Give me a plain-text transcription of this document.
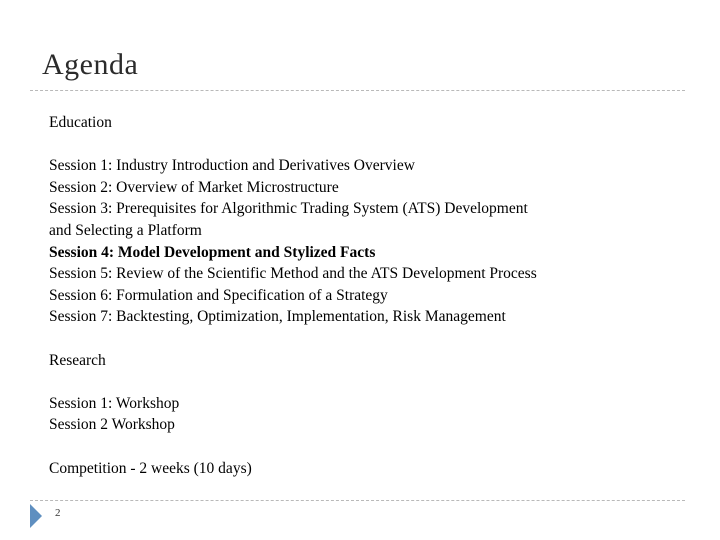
Agenda
Education
Session 1: Industry Introduction and Derivatives Overview
Session 2: Overview of Market Microstructure
Session 3: Prerequisites for Algorithmic Trading System (ATS) Development
and Selecting a Platform
Session 4: Model Development and Stylized Facts
Session 5: Review of the Scientific Method and the ATS Development Process
Session 6: Formulation and Specification of a Strategy
Session 7: Backtesting, Optimization, Implementation, Risk Management
Research
Session 1: Workshop
Session 2 Workshop
Competition - 2 weeks (10 days)
2
